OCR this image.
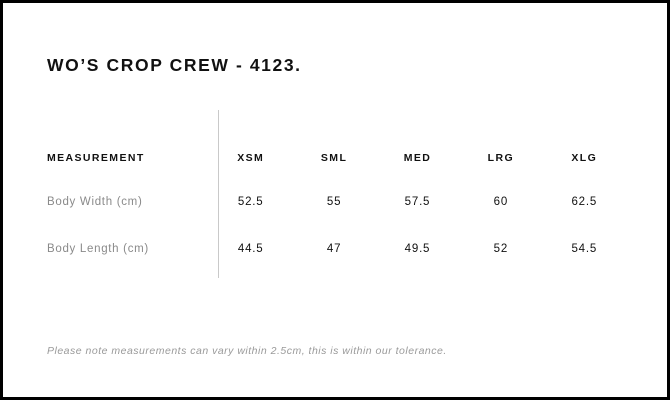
WO’S CROP CREW - 4123.
MEASUREMENT	XSM	SML	MED	LRG	XLG
Body Width (cm)	52.5	55	57.5	60	62.5
Body Length (cm)	44.5	47	49.5	52	54.5
Please note measurements can vary within 2.5cm, this is within our tolerance.
